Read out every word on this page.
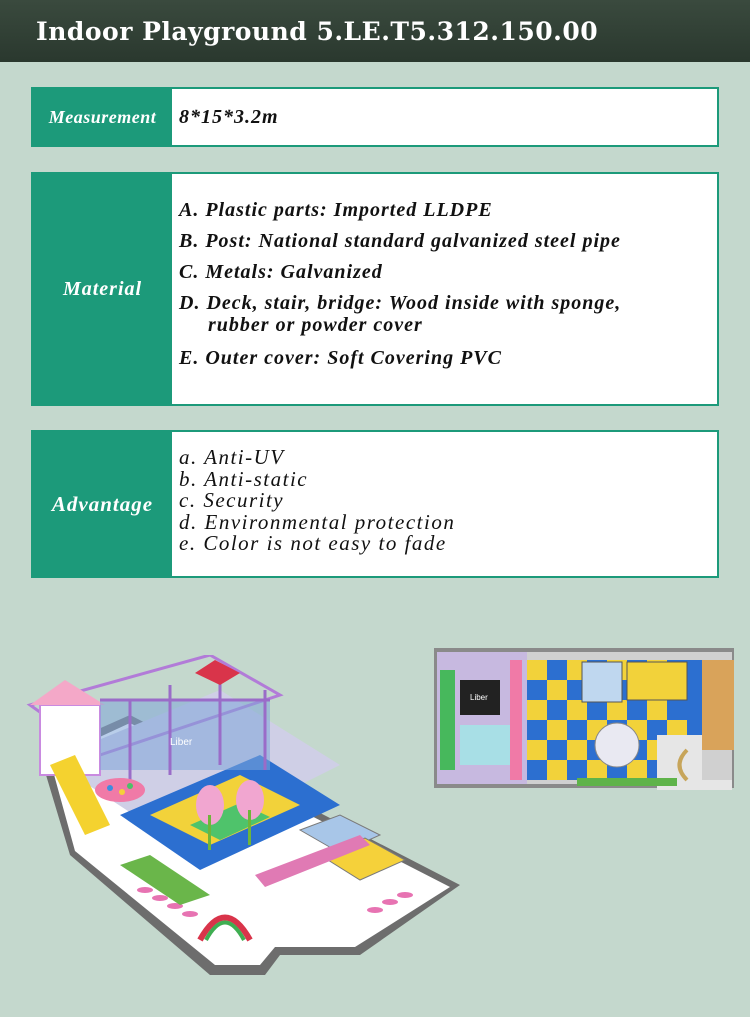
Indoor Playground 5.LE.T5.312.150.00
Measurement	8*15*3.2m
Material
A. Plastic parts: Imported LLDPE
B. Post: National standard galvanized steel pipe
C. Metals: Galvanized
D. Deck, stair, bridge: Wood inside with sponge,
rubber or powder cover
E. Outer cover: Soft Covering PVC
Advantage
a. Anti-UV
b. Anti-static
c. Security
d. Environmental protection
e. Color is not easy to fade
Liber
Liber
